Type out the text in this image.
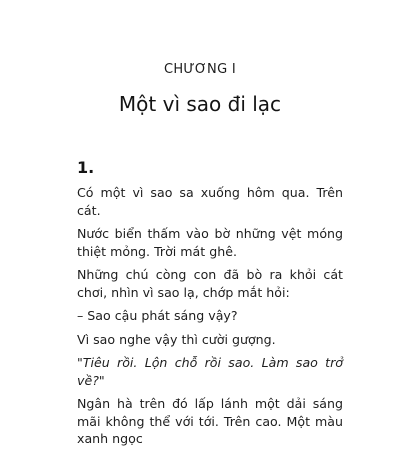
CHƯƠNG I
Một vì sao đi lạc
1.

Có một vì sao sa xuống hôm qua. Trên cát.

Nước biển thấm vào bờ những vệt móng thiệt mỏng. Trời mát ghê.

Những chú còng con đã bò ra khỏi cát chơi, nhìn vì sao lạ, chớp mắt hỏi:

– Sao cậu phát sáng vậy?

Vì sao nghe vậy thì cười gượng.

"Tiêu rồi. Lộn chỗ rồi sao. Làm sao trở về?"

Ngân hà trên đó lấp lánh một dải sáng mãi không thể với tới. Trên cao. Một màu xanh ngọc
